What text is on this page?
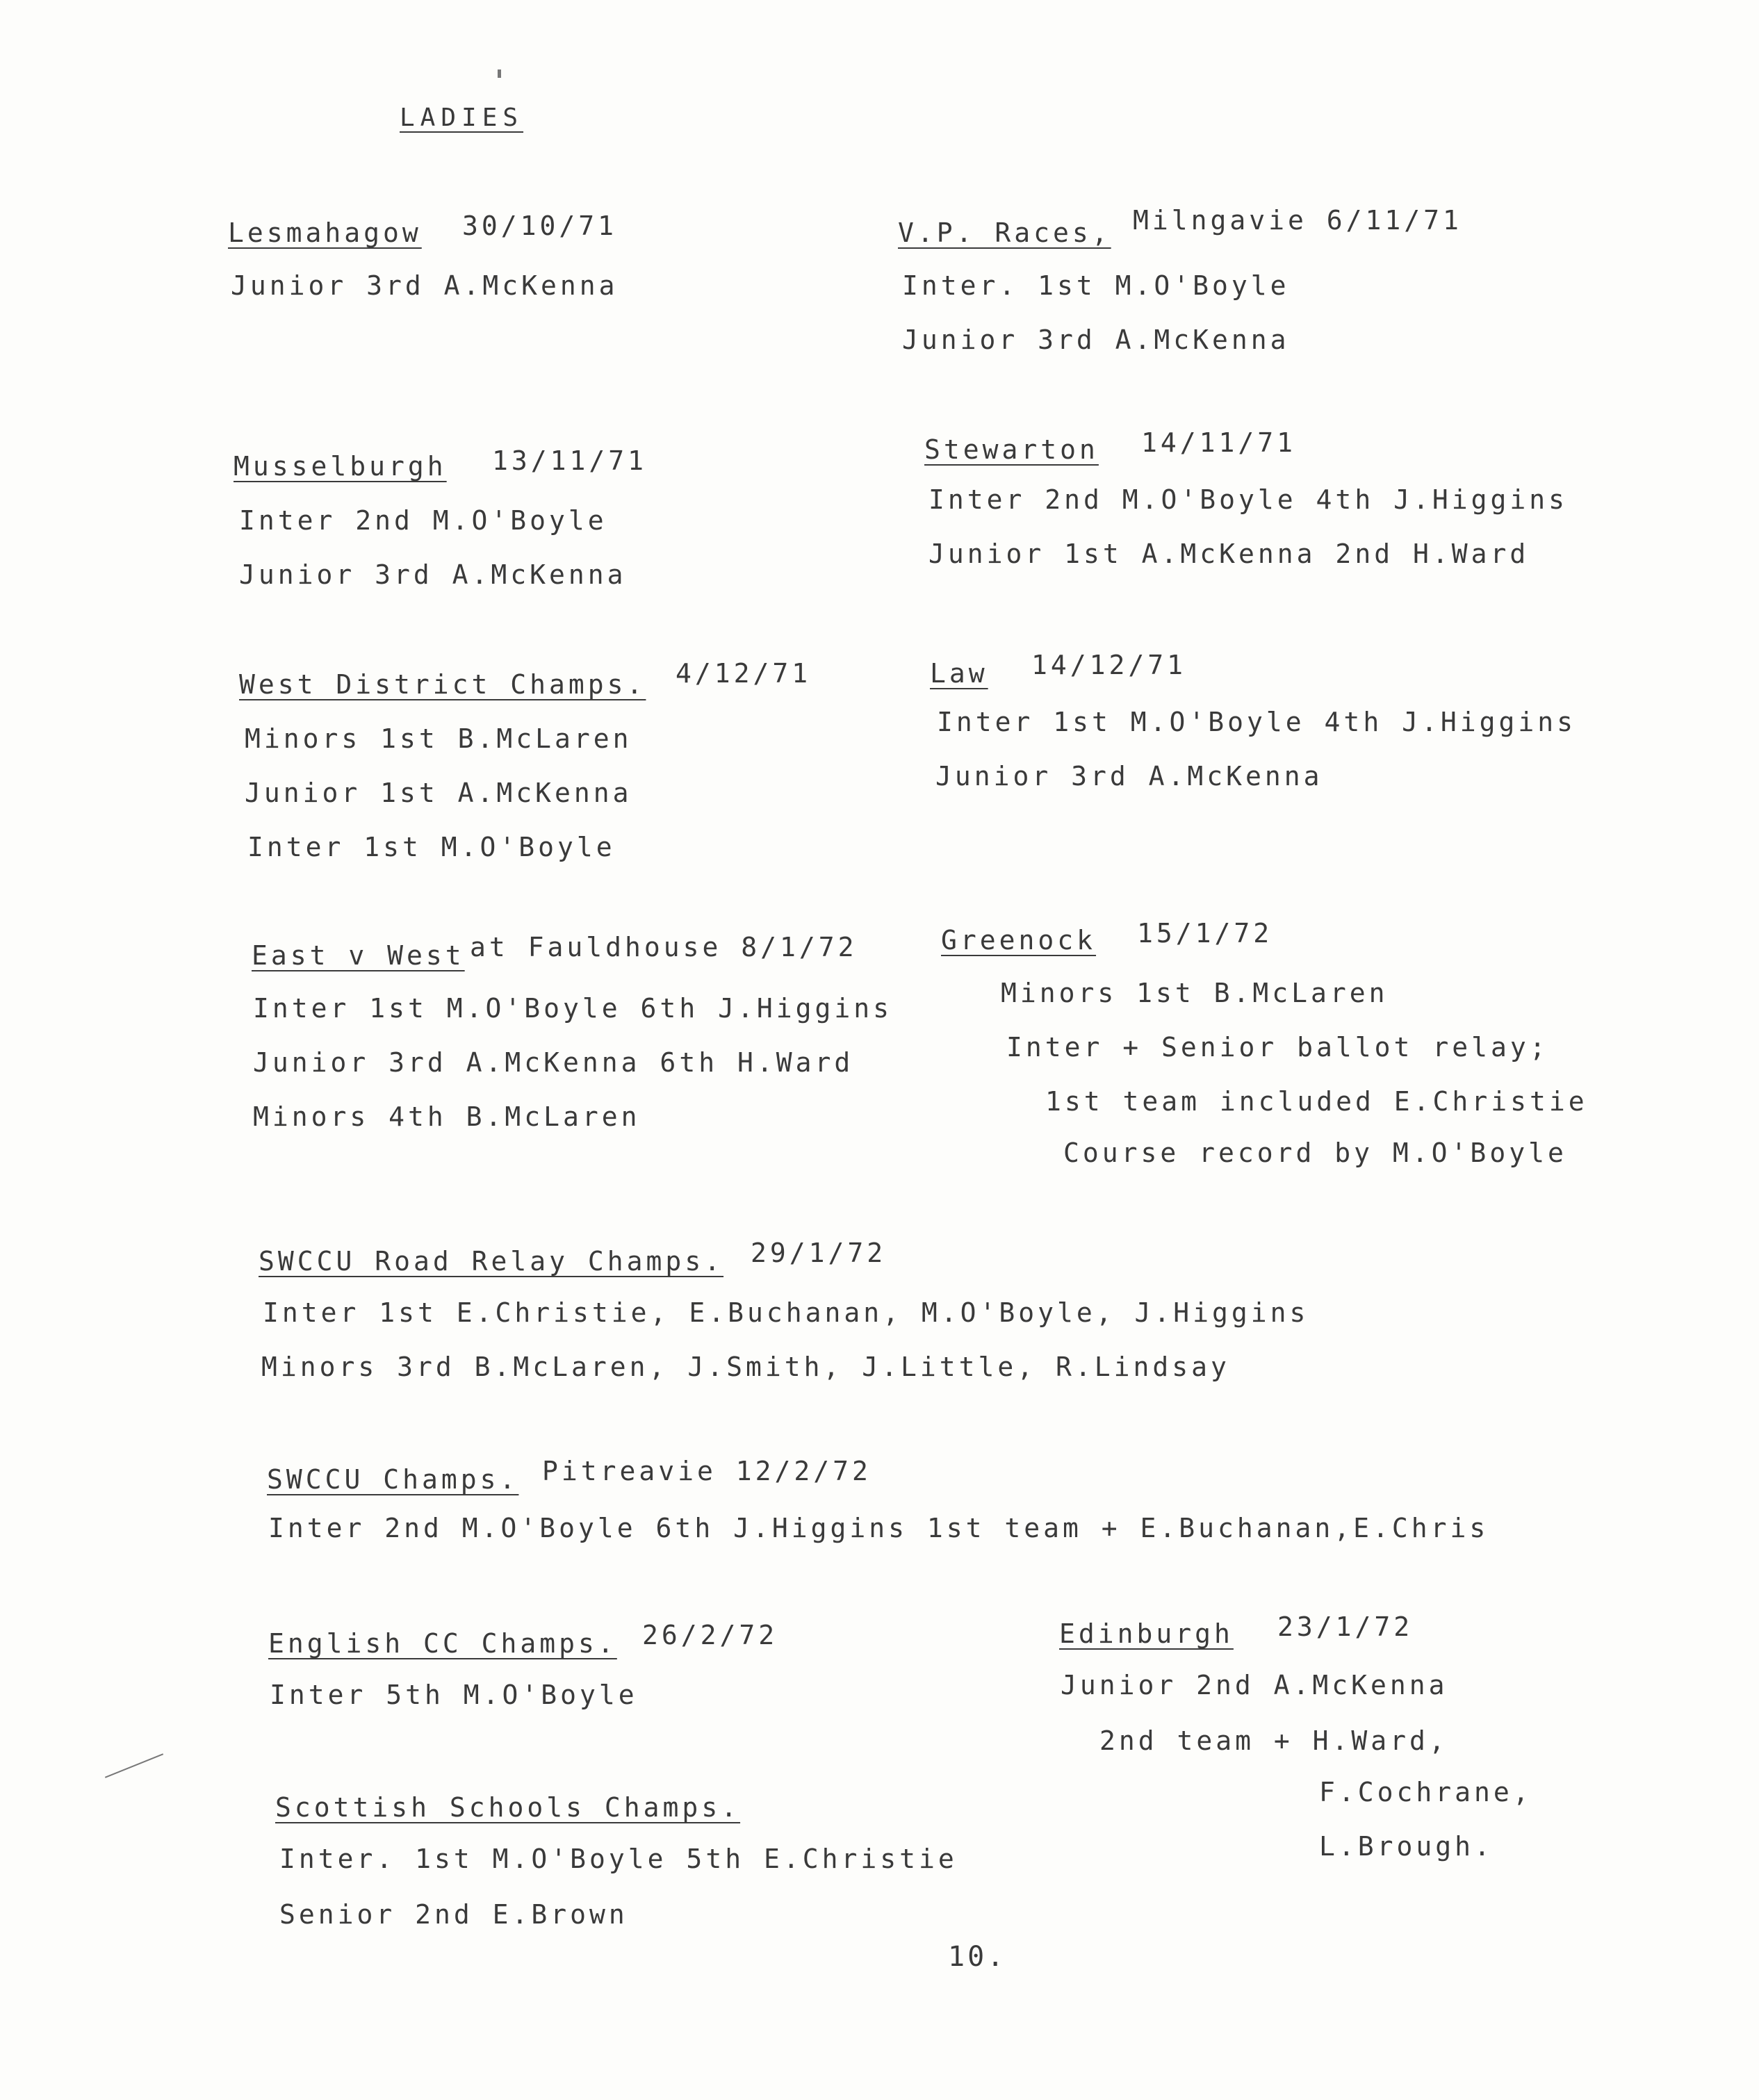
LADIES
Lesmahagow 30/10/71
Junior 3rd A.McKenna
V.P. Races, Milngavie 6/11/71
Inter. 1st M.O'Boyle
Junior 3rd A.McKenna
Musselburgh 13/11/71
Inter 2nd M.O'Boyle
Junior 3rd A.McKenna
Stewarton 14/11/71
Inter 2nd M.O'Boyle 4th J.Higgins
Junior 1st A.McKenna 2nd H.Ward
West District Champs. 4/12/71
Minors 1st B.McLaren
Junior 1st A.McKenna
Inter 1st M.O'Boyle
Law 14/12/71
Inter 1st M.O'Boyle 4th J.Higgins
Junior 3rd A.McKenna
East v West at Fauldhouse 8/1/72
Inter 1st M.O'Boyle 6th J.Higgins
Junior 3rd A.McKenna 6th H.Ward
Minors 4th B.McLaren
Greenock 15/1/72
Minors 1st B.McLaren
Inter + Senior ballot relay;
1st team included E.Christie
Course record by M.O'Boyle
SWCCU Road Relay Champs. 29/1/72
Inter 1st E.Christie, E.Buchanan, M.O'Boyle, J.Higgins
Minors 3rd B.McLaren, J.Smith, J.Little, R.Lindsay
SWCCU Champs. Pitreavie 12/2/72
Inter 2nd M.O'Boyle 6th J.Higgins 1st team + E.Buchanan,E.Chris
English CC Champs. 26/2/72
Inter 5th M.O'Boyle
Edinburgh 23/1/72
Junior 2nd A.McKenna
2nd team + H.Ward,
F.Cochrane,
L.Brough.
Scottish Schools Champs.
Inter. 1st M.O'Boyle 5th E.Christie
Senior 2nd E.Brown
10.
